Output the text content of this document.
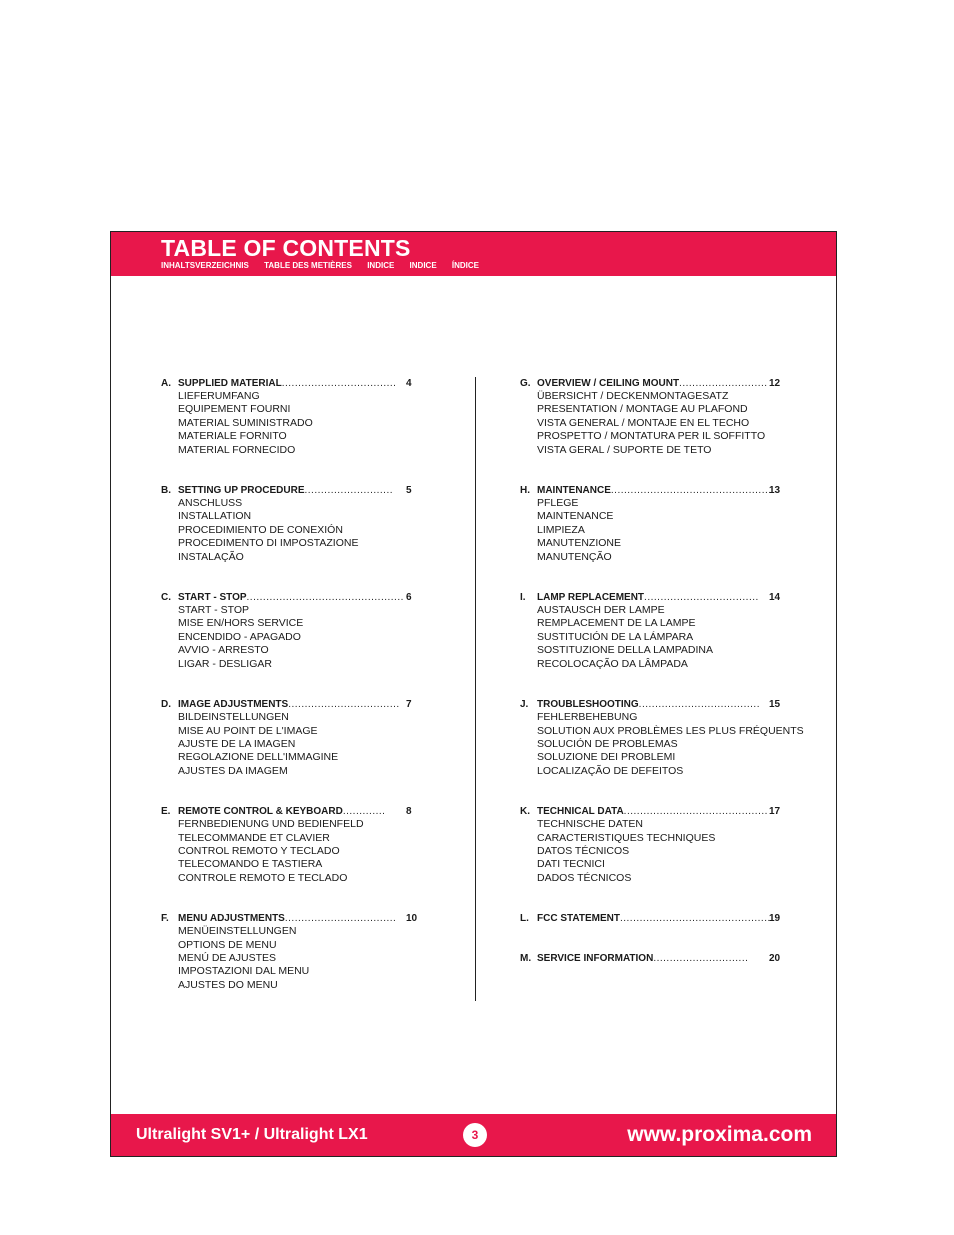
TABLE OF CONTENTS
INHALTSVERZEICHNIS TABLE DES METIÈRES INDICE INDICE ÍNDICE
A. SUPPLIED MATERIAL................................... 4
LIEFERUMFANG
EQUIPEMENT FOURNI
MATERIAL SUMINISTRADO
MATERIALE FORNITO
MATERIAL FORNECIDO
B. SETTING UP PROCEDURE........................... 5
ANSCHLUSS
INSTALLATION
PROCEDIMIENTO DE CONEXIÓN
PROCEDIMENTO DI IMPOSTAZIONE
INSTALAÇÃO
C. START - STOP................................................ 6
START - STOP
MISE EN/HORS SERVICE
ENCENDIDO - APAGADO
AVVIO - ARRESTO
LIGAR - DESLIGAR
D. IMAGE ADJUSTMENTS.................................. 7
BILDEINSTELLUNGEN
MISE AU POINT DE L'IMAGE
AJUSTE DE LA IMAGEN
REGOLAZIONE DELL'IMMAGINE
AJUSTES DA IMAGEM
E. REMOTE CONTROL & KEYBOARD............. 8
FERNBEDIENUNG UND BEDIENFELD
TELECOMMANDE ET CLAVIER
CONTROL REMOTO Y TECLADO
TELECOMANDO E TASTIERA
CONTROLE REMOTO E TECLADO
F. MENU ADJUSTMENTS.................................. 10
MENÜEINSTELLUNGEN
OPTIONS DE MENU
MENÚ DE AJUSTES
IMPOSTAZIONI DAL MENU
AJUSTES DO MENU
G. OVERVIEW / CEILING MOUNT........................... 12
ÜBERSICHT / DECKENMONTAGESATZ
PRESENTATION / MONTAGE AU PLAFOND
VISTA GENERAL / MONTAJE EN EL TECHO
PROSPETTO / MONTATURA PER IL SOFFITTO
VISTA GERAL / SUPORTE DE TETO
H. MAINTENANCE.................................................
13
PFLEGE
MAINTENANCE
LIMPIEZA
MANUTENZIONE
MANUTENÇÃO
I. LAMP REPLACEMENT................................... 14
AUSTAUSCH DER LAMPE
REMPLACEMENT DE LA LAMPE
SUSTITUCIÓN DE LA LÁMPARA
SOSTITUZIONE DELLA LAMPADINA
RECOLOCAÇÃO DA LÂMPADA
J. TROUBLESHOOTING..................................... 15
FEHLERBEHEBUNG
SOLUTION AUX PROBLÈMES LES PLUS FRÉQUENTS
SOLUCIÓN DE PROBLEMAS
SOLUZIONE DEI PROBLEMI
LOCALIZAÇÃO DE DEFEITOS
K. TECHNICAL DATA............................................ 17
TECHNISCHE DATEN
CARACTERISTIQUES TECHNIQUES
DATOS TÉCNICOS
DATI TECNICI
DADOS TÉCNICOS
L. FCC STATEMENT..............................................
19
M. SERVICE INFORMATION............................. 20
Ultralight SV1+ / Ultralight LX1	3	www.proxima.com
